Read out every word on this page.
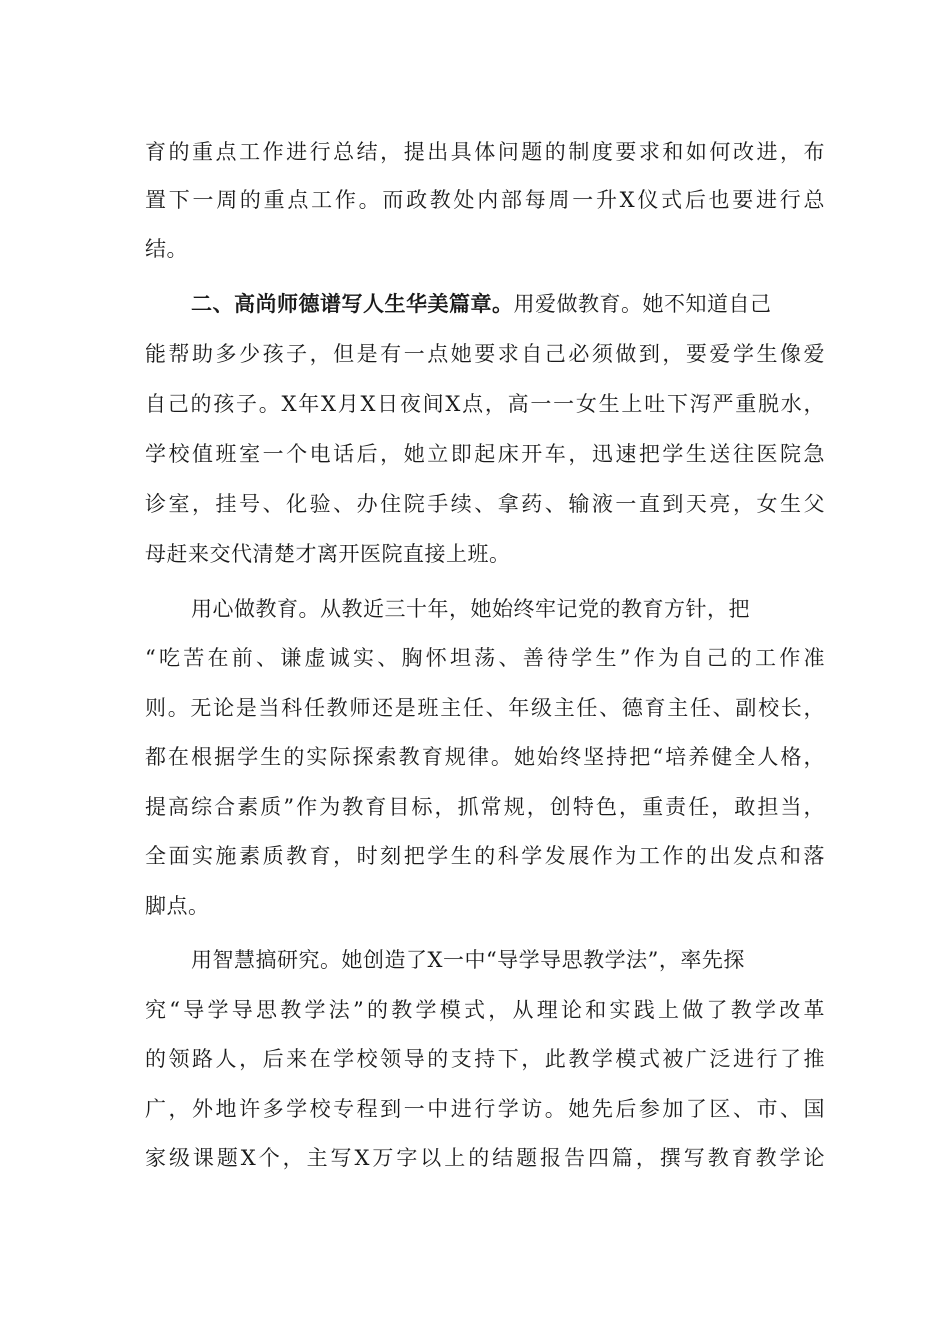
育的重点工作进行总结，提出具体问题的制度要求和如何改进，布
置下一周的重点工作。而政教处内部每周一升X仪式后也要进行总
结。
二、高尚师德谱写人生华美篇章。用爱做教育。她不知道自己
能帮助多少孩子，但是有一点她要求自己必须做到，要爱学生像爱
自己的孩子。X年X月X日夜间X点，高一一女生上吐下泻严重脱水，
学校值班室一个电话后，她立即起床开车，迅速把学生送往医院急
诊室，挂号、化验、办住院手续、拿药、输液一直到天亮，女生父
母赶来交代清楚才离开医院直接上班。
用心做教育。从教近三十年，她始终牢记党的教育方针，把
“吃苦在前、谦虚诚实、胸怀坦荡、善待学生”作为自己的工作准
则。无论是当科任教师还是班主任、年级主任、德育主任、副校长，
都在根据学生的实际探索教育规律。她始终坚持把“培养健全人格，
提高综合素质”作为教育目标，抓常规，创特色，重责任，敢担当，
全面实施素质教育，时刻把学生的科学发展作为工作的出发点和落
脚点。
用智慧搞研究。她创造了X一中“导学导思教学法”，率先探
究“导学导思教学法”的教学模式，从理论和实践上做了教学改革
的领路人，后来在学校领导的支持下，此教学模式被广泛进行了推
广，外地许多学校专程到一中进行学访。她先后参加了区、市、国
家级课题X个，主写X万字以上的结题报告四篇，撰写教育教学论
